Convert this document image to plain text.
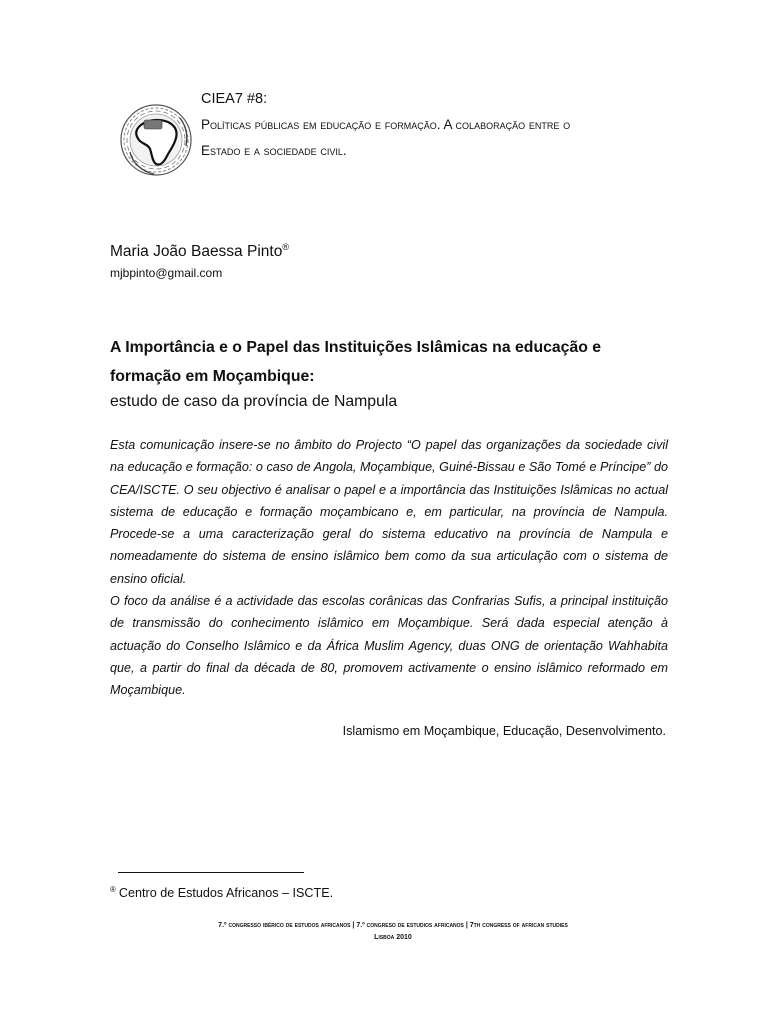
CIEA7 #8:
Políticas públicas em educação e formação. A colaboração entre o
Estado e a sociedade civil.
Maria João Baessa Pinto®
mjbpinto@gmail.com
A Importância e o Papel das Instituições Islâmicas na educação e
formação em Moçambique:
estudo de caso da província de Nampula

Esta comunicação insere-se no âmbito do Projecto “O papel das organizações da sociedade civil na educação e formação: o caso de Angola, Moçambique, Guiné-Bissau e São Tomé e Príncipe” do CEA/ISCTE. O seu objectivo é analisar o papel e a importância das Instituições Islâmicas no actual sistema de educação e formação moçambicano e, em particular, na província de Nampula. Procede-se a uma caracterização geral do sistema educativo na província de Nampula e nomeadamente do sistema de ensino islâmico bem como da sua articulação com o sistema de ensino oficial.

O foco da análise é a actividade das escolas corânicas das Confrarias Sufis, a principal instituição de transmissão do conhecimento islâmico em Moçambique. Será dada especial atenção à actuação do Conselho Islâmico e da África Muslim Agency, duas ONG de orientação Wahhabita que, a partir do final da década de 80, promovem activamente o ensino islâmico reformado em Moçambique.

Islamismo em Moçambique, Educação, Desenvolvimento.
® Centro de Estudos Africanos – ISCTE.
7.º congresso ibérico de estudos africanos | 7.º congreso de estudios africanos | 7th congress of african studies
Lisboa 2010
